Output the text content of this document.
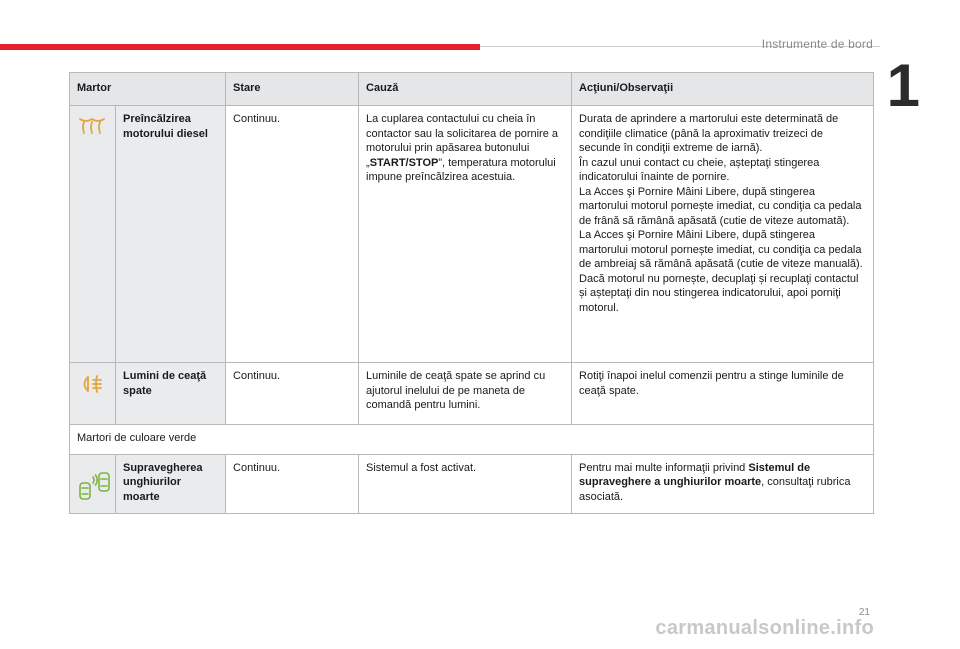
Instrumente de bord
1
Martor		Stare	Cauză	Acţiuni/Observaţii
	Preîncălzirea motorului diesel	Continuu.	La cuplarea contactului cu cheia în contactor sau la solicitarea de pornire a motorului prin apăsarea butonului „START/STOP”, temperatura motorului impune preîncălzirea acestuia.	Durata de aprindere a martorului este determinată de condiţiile climatice (până la aproximativ treizeci de secunde în condiţii extreme de iarnă).
În cazul unui contact cu cheie, așteptaţi stingerea indicatorului înainte de pornire.
La Acces şi Pornire Mâini Libere, după stingerea martorului motorul pornește imediat, cu condiţia ca pedala de frână să rămână apăsată (cutie de viteze automată).
La Acces şi Pornire Mâini Libere, după stingerea martorului motorul pornește imediat, cu condiţia ca pedala de ambreiaj să rămână apăsată (cutie de viteze manuală).
Dacă motorul nu pornește, decuplaţi și recuplaţi contactul și așteptaţi din nou stingerea indicatorului, apoi porniţi motorul.

	Lumini de ceaţă spate	Continuu.	Luminile de ceaţă spate se aprind cu ajutorul inelului de pe maneta de comandă pentru lumini.	Rotiţi înapoi inelul comenzii pentru a stinge luminile de ceaţă spate.
Martori de culoare verde				
	Supravegherea unghiurilor moarte	Continuu.	Sistemul a fost activat.	Pentru mai multe informaţii privind Sistemul de supraveghere a unghiurilor moarte, consultaţi rubrica asociată.
21
carmanualsonline.info
